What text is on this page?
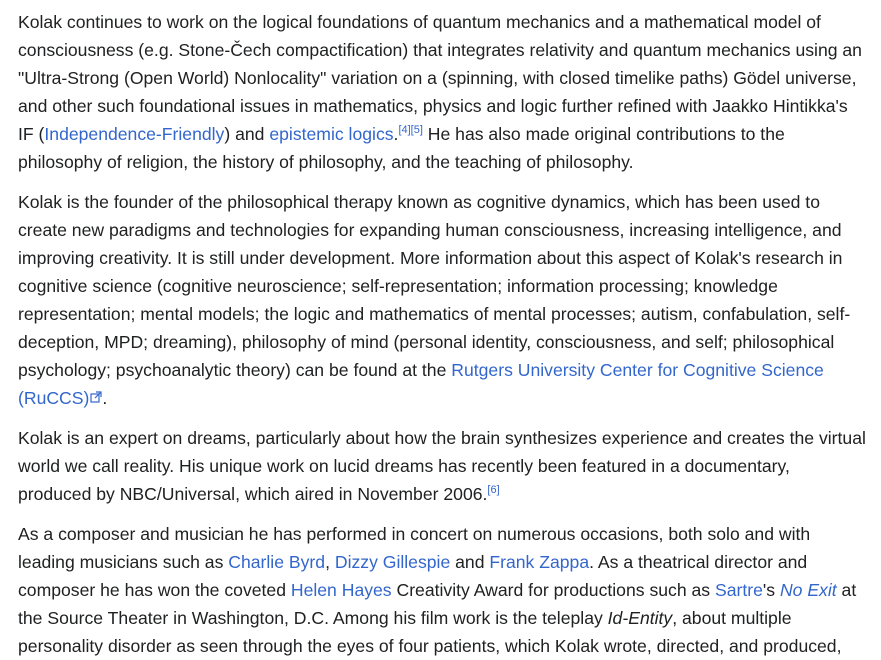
Kolak continues to work on the logical foundations of quantum mechanics and a mathematical model of consciousness (e.g. Stone-Čech compactification) that integrates relativity and quantum mechanics using an "Ultra-Strong (Open World) Nonlocality" variation on a (spinning, with closed timelike paths) Gödel universe, and other such foundational issues in mathematics, physics and logic further refined with Jaakko Hintikka's IF (Independence-Friendly) and epistemic logics.[4][5] He has also made original contributions to the philosophy of religion, the history of philosophy, and the teaching of philosophy.

Kolak is the founder of the philosophical therapy known as cognitive dynamics, which has been used to create new paradigms and technologies for expanding human consciousness, increasing intelligence, and improving creativity. It is still under development. More information about this aspect of Kolak's research in cognitive science (cognitive neuroscience; self-representation; information processing; knowledge representation; mental models; the logic and mathematics of mental processes; autism, confabulation, self-deception, MPD; dreaming), philosophy of mind (personal identity, consciousness, and self; philosophical psychology; psychoanalytic theory) can be found at the Rutgers University Center for Cognitive Science (RuCCS) .

Kolak is an expert on dreams, particularly about how the brain synthesizes experience and creates the virtual world we call reality. His unique work on lucid dreams has recently been featured in a documentary, produced by NBC/Universal, which aired in November 2006.[6]

As a composer and musician he has performed in concert on numerous occasions, both solo and with leading musicians such as Charlie Byrd, Dizzy Gillespie and Frank Zappa. As a theatrical director and composer he has won the coveted Helen Hayes Creativity Award for productions such as Sartre's No Exit at the Source Theater in Washington, D.C. Among his film work is the teleplay Id-Entity, about multiple personality disorder as seen through the eyes of four patients, which Kolak wrote, directed, and produced,
